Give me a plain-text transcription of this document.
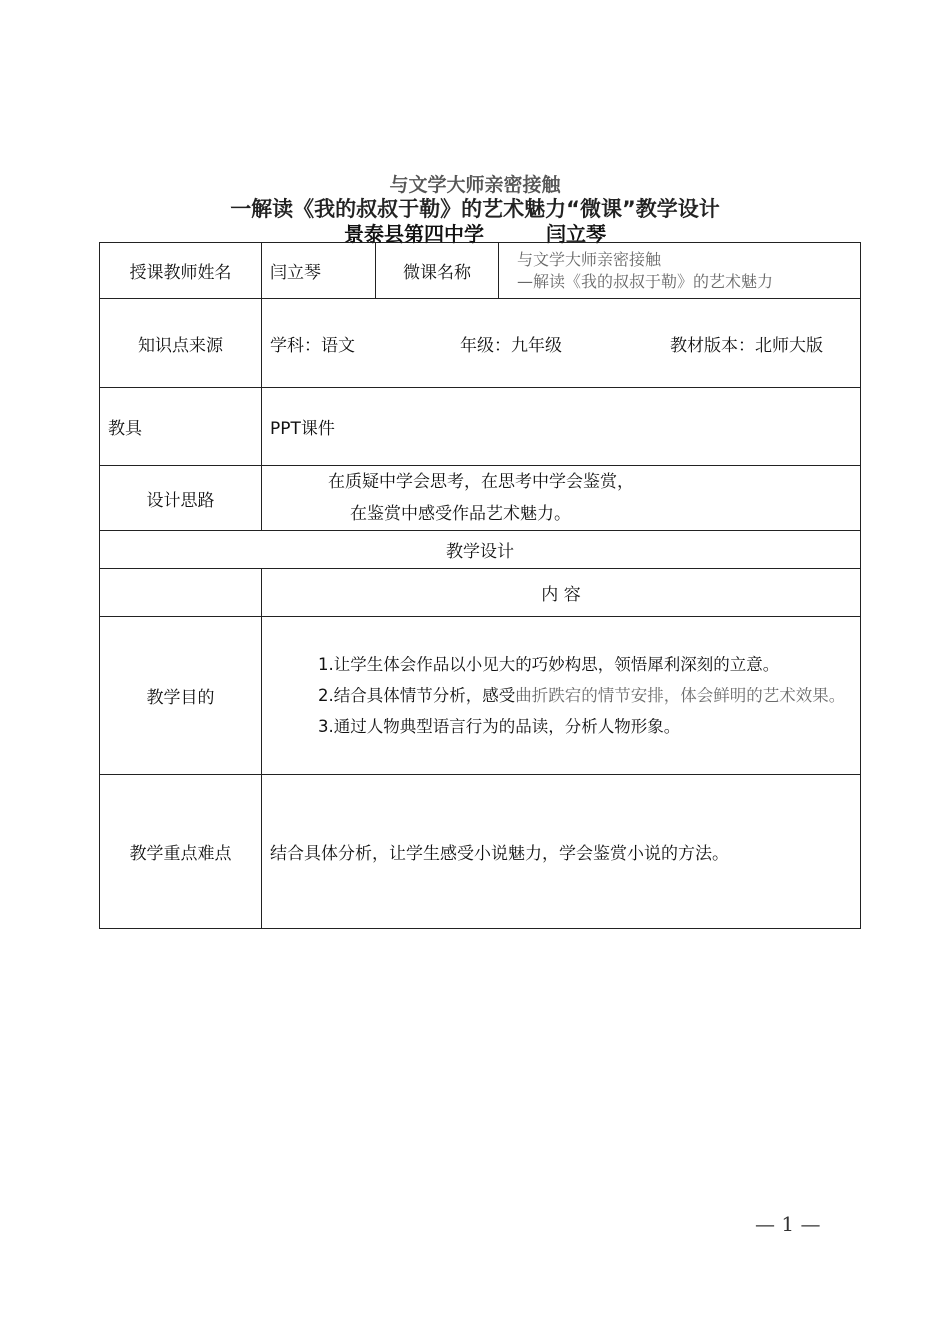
与文学大师亲密接触
一解读《我的叔叔于勒》的艺术魅力“微课”教学设计
景泰县第四中学	闫立琴
授课教师姓名	闫立琴	微课名称	与文学大师亲密接触
—解读《我的叔叔于勒》的艺术魅力

知识点来源	学科：语文 年级：九年级 教材版本：北师大版		
教具	PPT课件		
设计思路	在质疑中学会思考，在思考中学会鉴赏，
在鉴赏中感受作品艺术魅力。		

教学设计			
	内 容		
教学目的	1.让学生体会作品以小见大的巧妙构思，领悟犀利深刻的立意。
2.结合具体情节分析，感受曲折跌宕的情节安排，体会鲜明的艺术效果。
3.通过人物典型语言行为的品读，分析人物形象。		

教学重点难点	结合具体分析，让学生感受小说魅力，学会鉴赏小说的方法。		
— 1 —
